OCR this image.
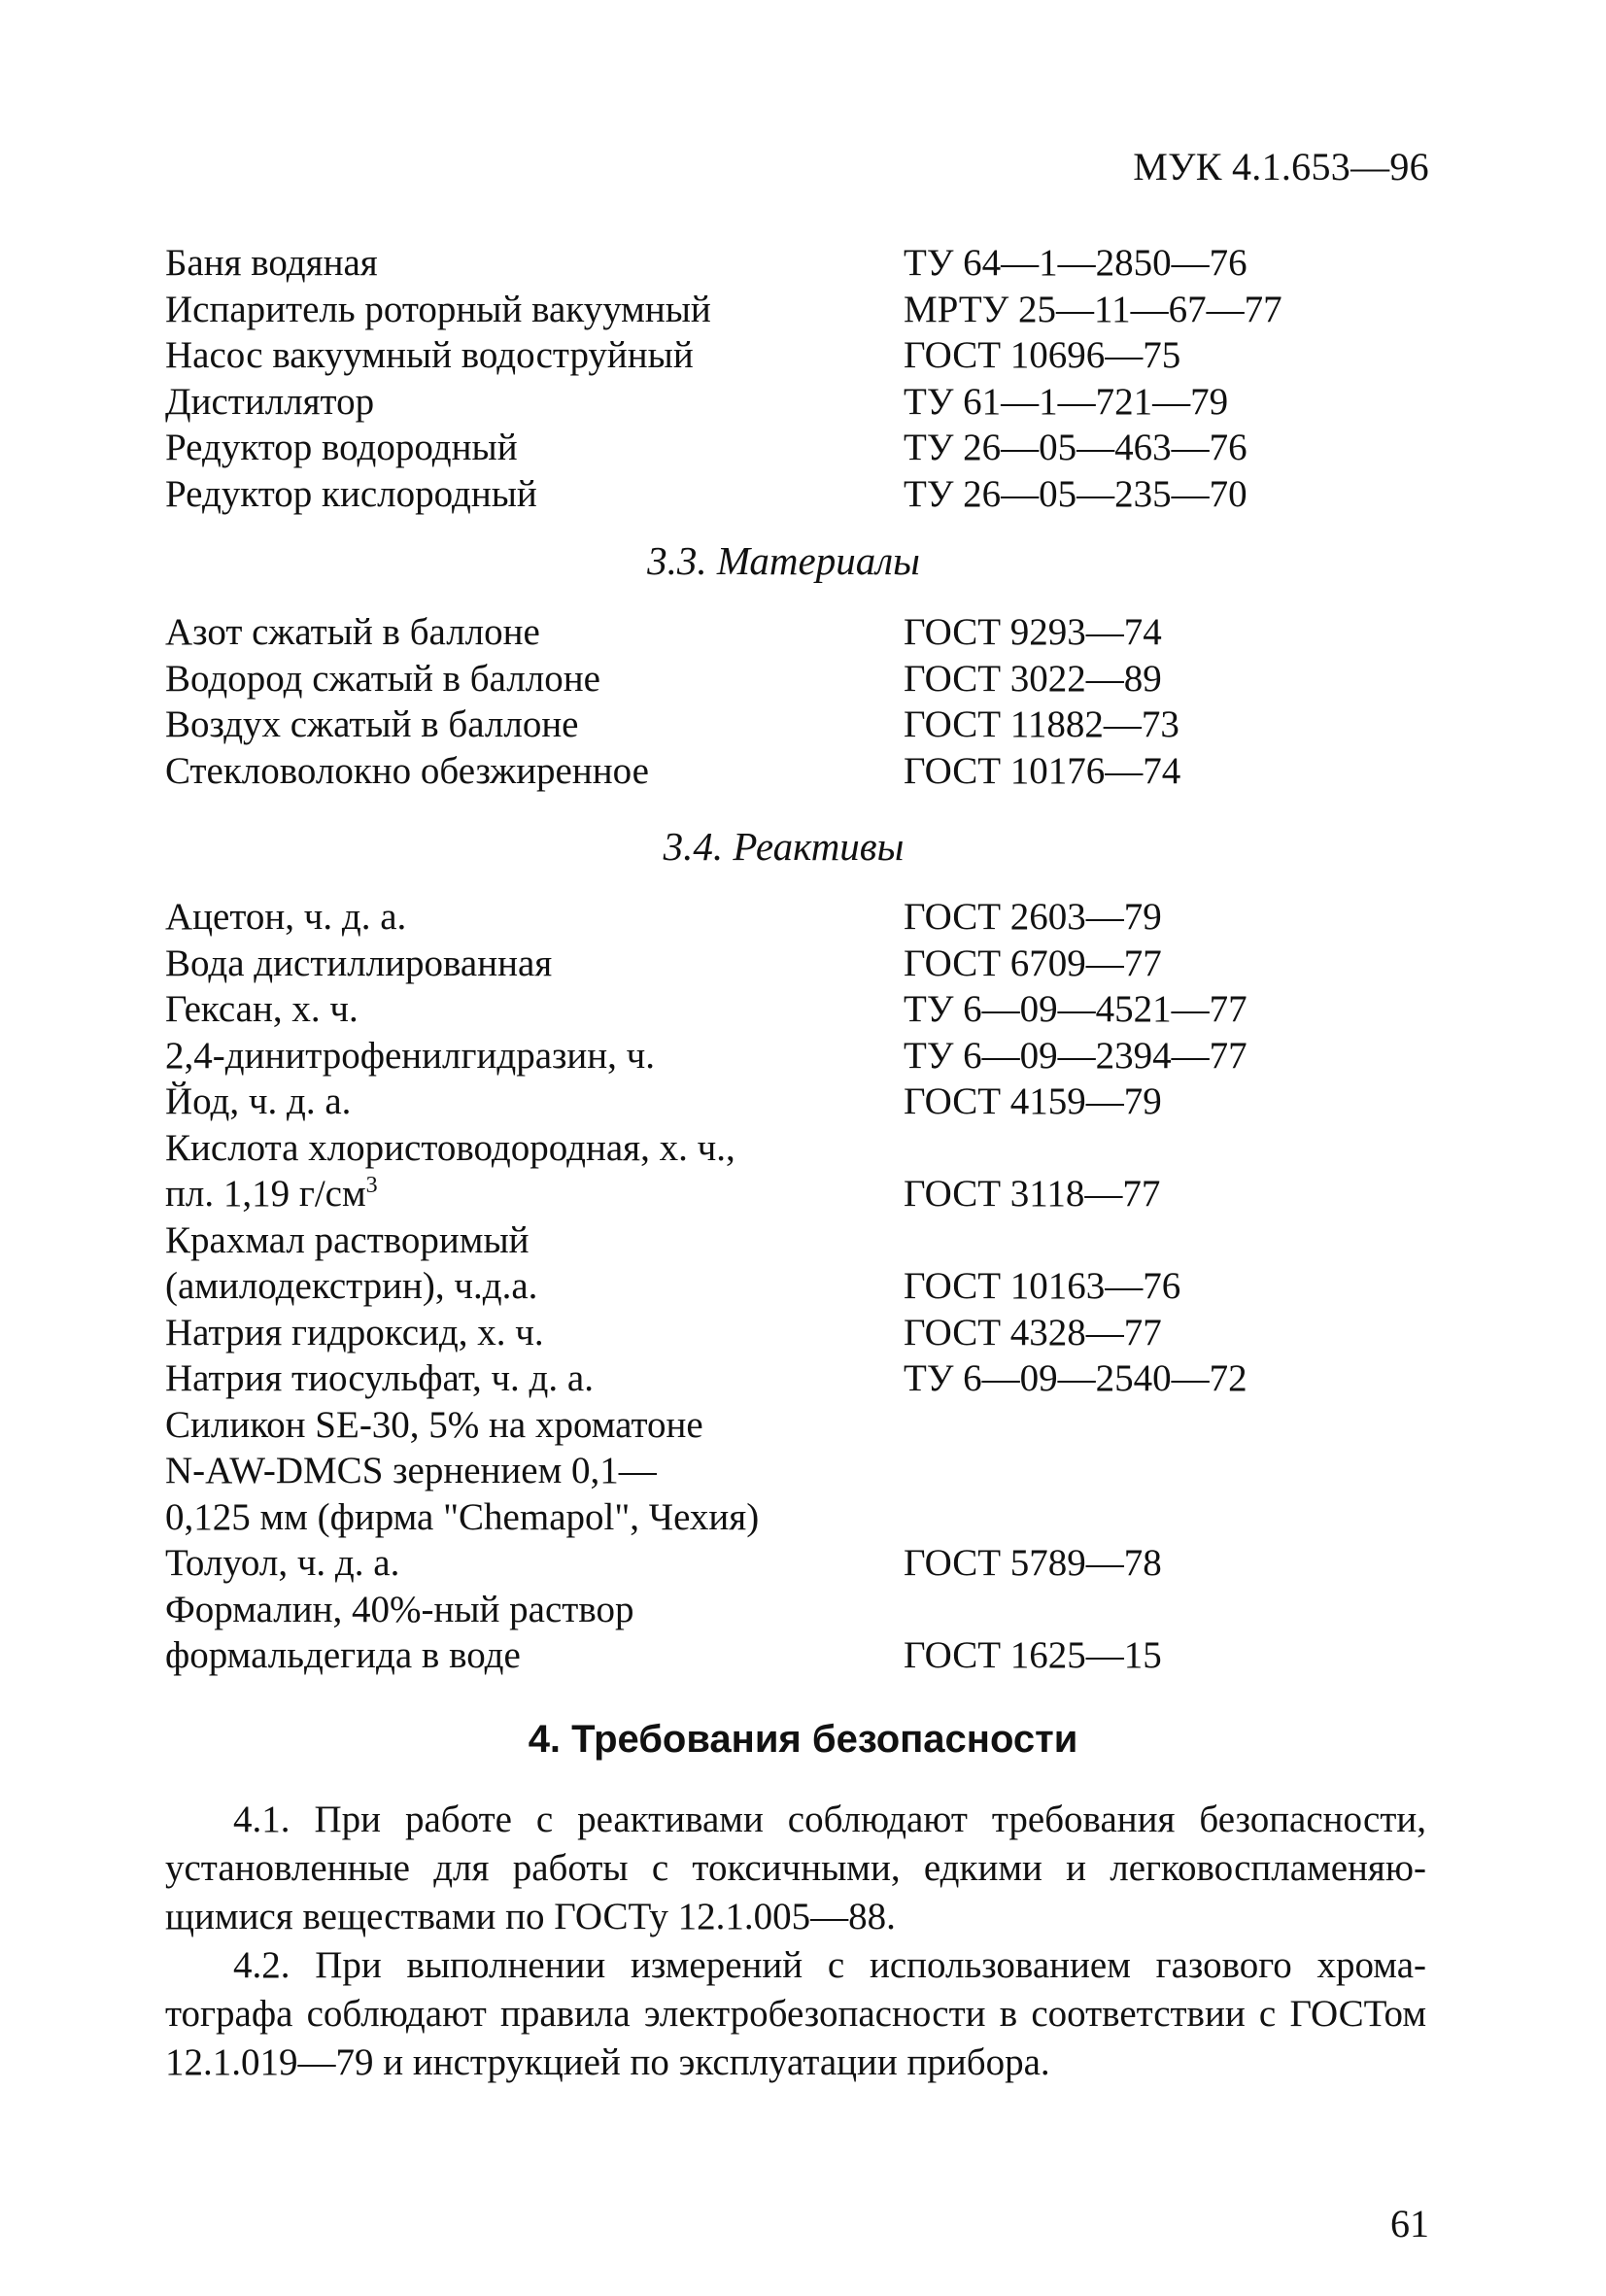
МУК 4.1.653—96
Баня водяная	ТУ 64—1—2850—76
Испаритель роторный вакуумный	МРТУ 25—11—67—77
Насос вакуумный водоструйный	ГОСТ 10696—75
Дистиллятор	ТУ 61—1—721—79
Редуктор водородный	ТУ 26—05—463—76
Редуктор кислородный	ТУ 26—05—235—70
3.3. Материалы
Азот сжатый в баллоне	ГОСТ 9293—74
Водород сжатый в баллоне	ГОСТ 3022—89
Воздух сжатый в баллоне	ГОСТ 11882—73
Стекловолокно обезжиренное	ГОСТ 10176—74
3.4. Реактивы
Ацетон, ч. д. а.	ГОСТ 2603—79
Вода дистиллированная	ГОСТ 6709—77
Гексан, х. ч.	ТУ 6—09—4521—77
2,4-динитрофенилгидразин, ч.	ТУ 6—09—2394—77
Йод, ч. д. а.	ГОСТ 4159—79
Кислота хлористоводородная, х. ч.,
пл. 1,19 $г/см^3$	ГОСТ 3118—77
Крахмал растворимый
(амилодекстрин), ч.д.а.	ГОСТ 10163—76
Натрия гидроксид, х. ч.	ГОСТ 4328—77
Натрия тиосульфат, ч. д. а.	ТУ 6—09—2540—72
Силикон SE-30, 5% на хроматоне
N-AW-DMCS зернением 0,1—
0,125 мм (фирма "Chemapol", Чехия)
Толуол, ч. д. а.	ГОСТ 5789—78
Формалин, 40%-ный раствор
формальдегида в воде	ГОСТ 1625—15
4. Требования безопасности
4.1. При работе с реактивами соблюдают требования безопасности, установленные для работы с токсичными, едкими и легковоспламеняю-щимися веществами по ГОСТу 12.1.005—88.
4.2. При выполнении измерений с использованием газового хрома-тографа соблюдают правила электробезопасности в соответствии с ГОСТом 12.1.019—79 и инструкцией по эксплуатации прибора.
61
